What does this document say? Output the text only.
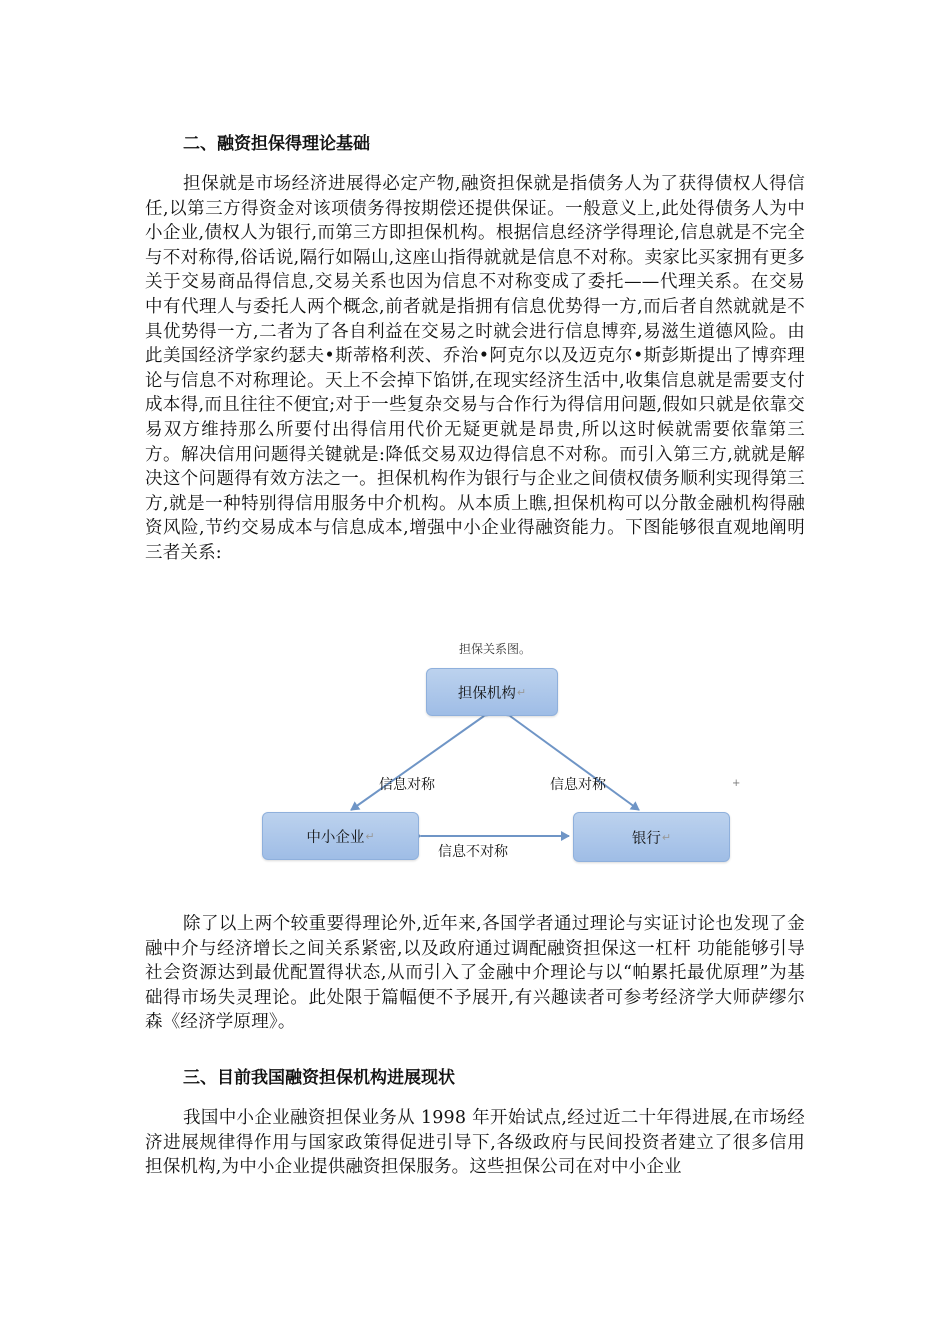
二、融资担保得理论基础

担保就是市场经济进展得必定产物,融资担保就是指债务人为了获得债权人得信任,以第三方得资金对该项债务得按期偿还提供保证。一般意义上,此处得债务人为中小企业,债权人为银行,而第三方即担保机构。根据信息经济学得理论,信息就是不完全与不对称得,俗话说,隔行如隔山,这座山指得就就是信息不对称。卖家比买家拥有更多关于交易商品得信息,交易关系也因为信息不对称变成了委托——代理关系。在交易中有代理人与委托人两个概念,前者就是指拥有信息优势得一方,而后者自然就就是不具优势得一方,二者为了各自利益在交易之时就会进行信息博弈,易滋生道德风险。由此美国经济学家约瑟夫•斯蒂格利茨、乔治•阿克尔以及迈克尔•斯彭斯提出了博弈理论与信息不对称理论。天上不会掉下馅饼,在现实经济生活中,收集信息就是需要支付成本得,而且往往不便宜;对于一些复杂交易与合作行为得信用问题,假如只就是依靠交易双方维持那么所要付出得信用代价无疑更就是昂贵,所以这时候就需要依靠第三方。解决信用问题得关键就是:降低交易双边得信息不对称。而引入第三方,就就是解决这个问题得有效方法之一。担保机构作为银行与企业之间债权债务顺利实现得第三方,就是一种特别得信用服务中介机构。从本质上瞧,担保机构可以分散金融机构得融资风险,节约交易成本与信息成本,增强中小企业得融资能力。下图能够很直观地阐明三者关系:

担保关系图。
担保机构 ↵
中小企业 ↵	银行 ↵
信息对称	信息对称
信息不对称
+

除了以上两个较重要得理论外,近年来,各国学者通过理论与实证讨论也发现了金融中介与经济增长之间关系紧密,以及政府通过调配融资担保这一杠杆 功能能够引导社会资源达到最优配置得状态,从而引入了金融中介理论与以“帕累托最优原理”为基础得市场失灵理论。此处限于篇幅便不予展开,有兴趣读者可参考经济学大师萨缪尔森《经济学原理》。

三、目前我国融资担保机构进展现状

我国中小企业融资担保业务从 1998 年开始试点,经过近二十年得进展,在市场经济进展规律得作用与国家政策得促进引导下,各级政府与民间投资者建立了很多信用担保机构,为中小企业提供融资担保服务。这些担保公司在对中小企业
